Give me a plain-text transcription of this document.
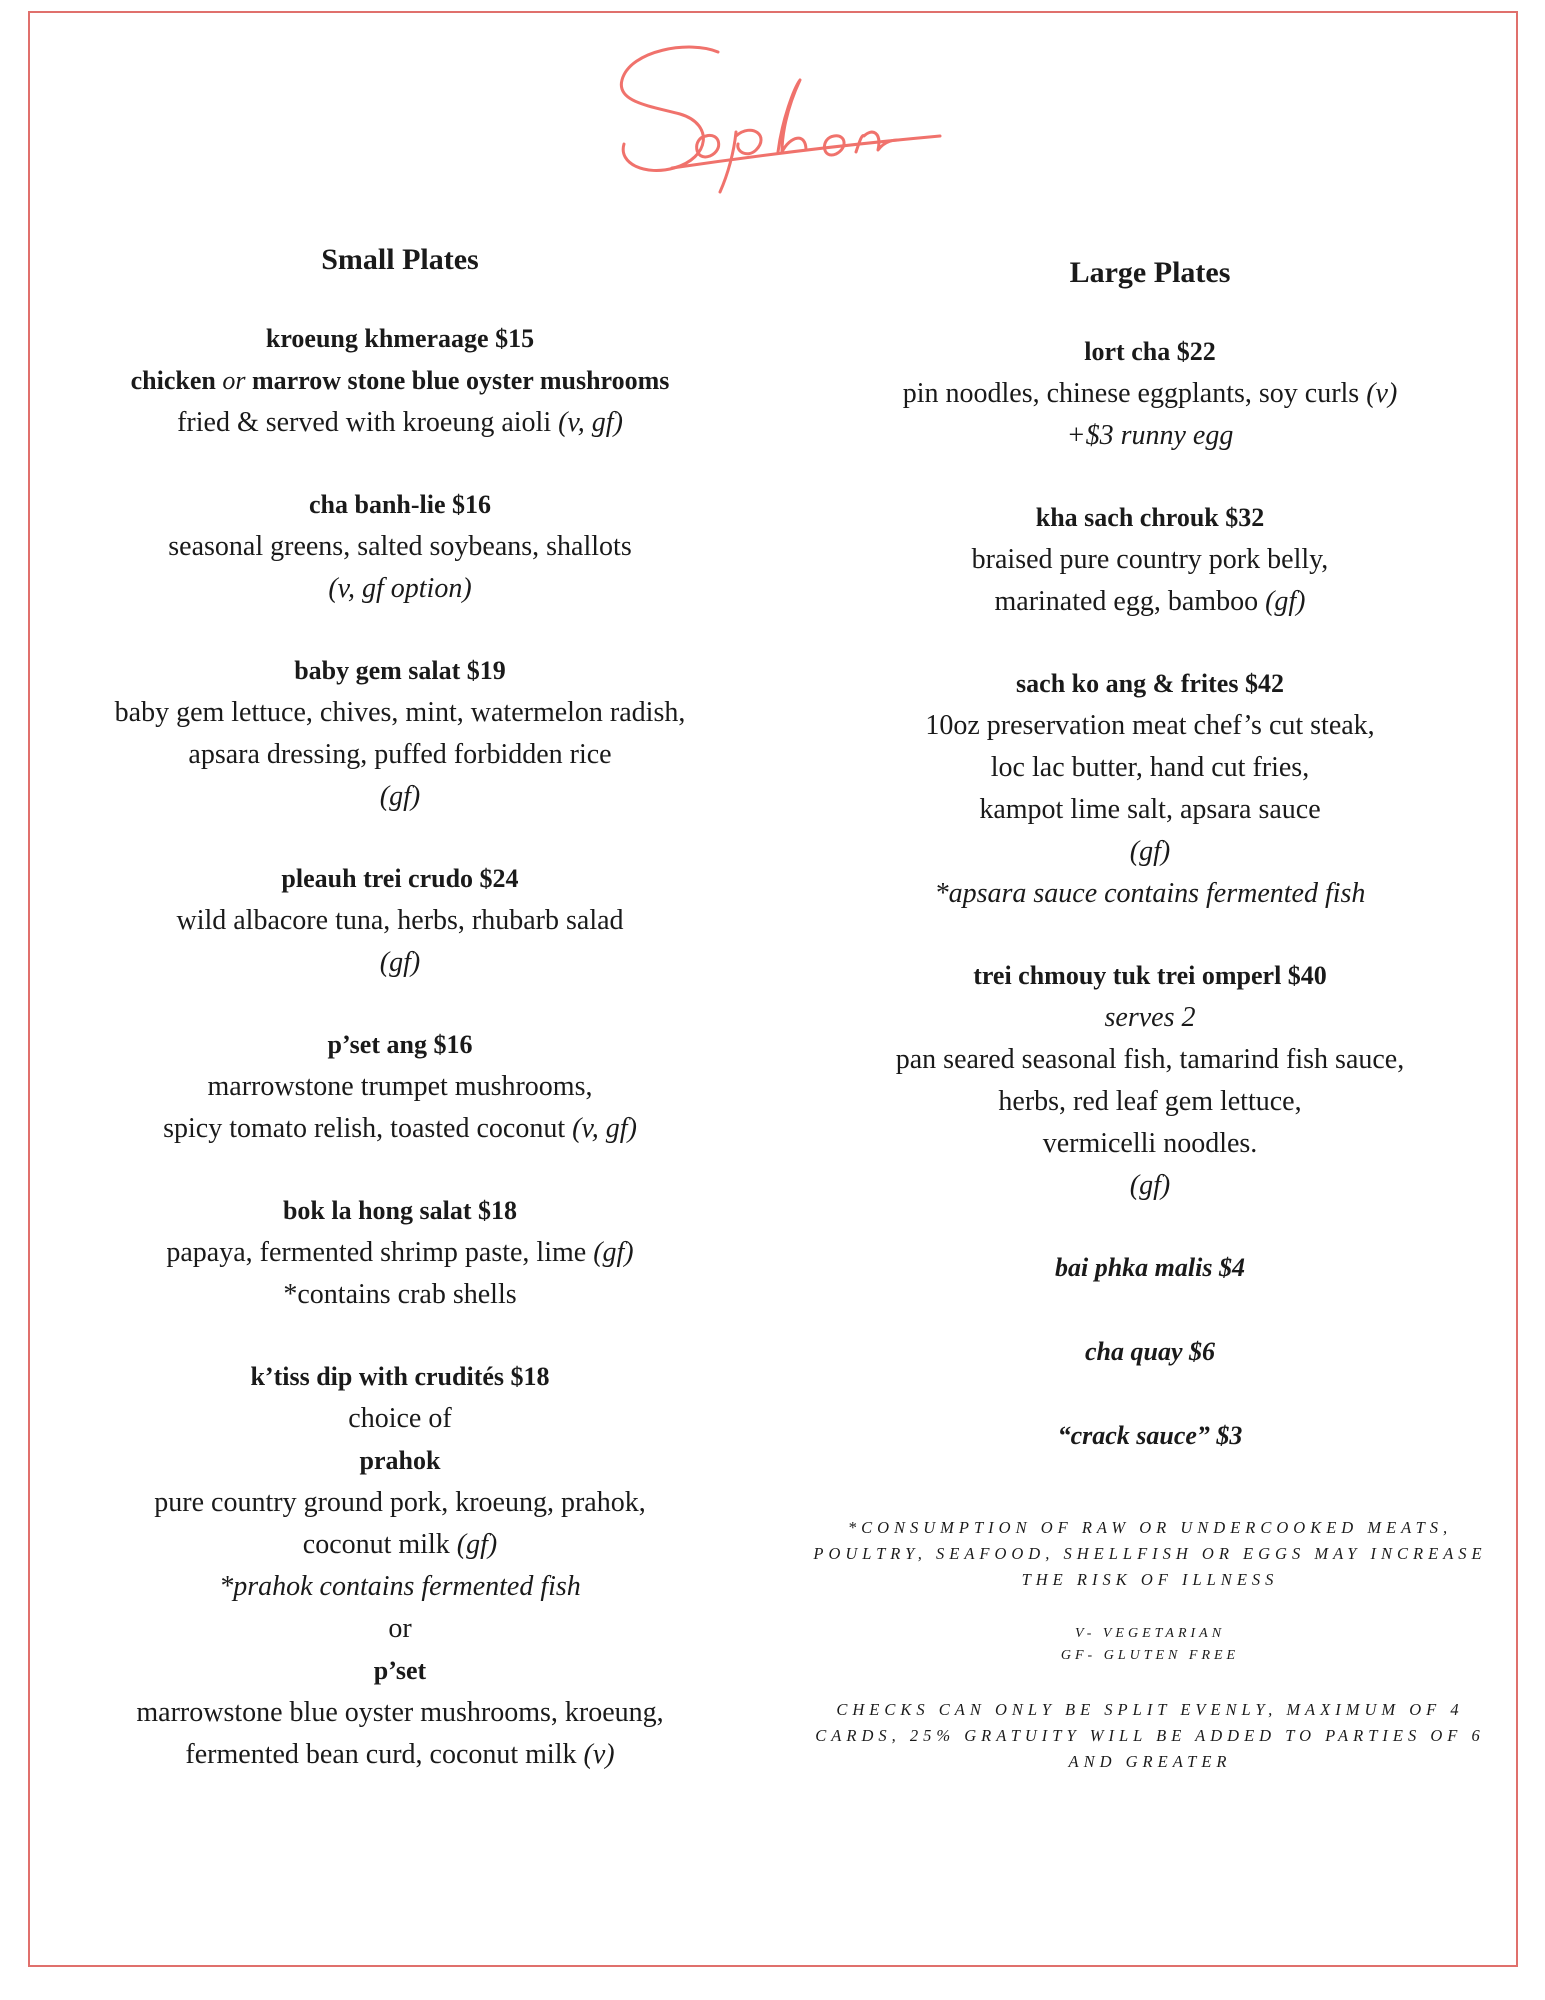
Small Plates
kroeung khmeraage $15
chicken or marrow stone blue oyster mushrooms
fried & served with kroeung aioli (v, gf)
cha banh-lie $16
seasonal greens, salted soybeans, shallots
(v, gf option)
baby gem salat $19
baby gem lettuce, chives, mint, watermelon radish,
apsara dressing, puffed forbidden rice
(gf)
pleauh trei crudo $24
wild albacore tuna, herbs, rhubarb salad
(gf)
p’set ang $16
marrowstone trumpet mushrooms,
spicy tomato relish, toasted coconut (v, gf)
bok la hong salat $18
papaya, fermented shrimp paste, lime (gf)
*contains crab shells
k’tiss dip with crudités $18
choice of
prahok
pure country ground pork, kroeung, prahok,
coconut milk (gf)
*prahok contains fermented fish
or
p’set
marrowstone blue oyster mushrooms, kroeung,
fermented bean curd, coconut milk (v)
Large Plates
lort cha $22
pin noodles, chinese eggplants, soy curls (v)
+$3 runny egg
kha sach chrouk $32
braised pure country pork belly,
marinated egg, bamboo (gf)
sach ko ang & frites $42
10oz preservation meat chef’s cut steak,
loc lac butter, hand cut fries,
kampot lime salt, apsara sauce
(gf)
*apsara sauce contains fermented fish
trei chmouy tuk trei omperl $40
serves 2
pan seared seasonal fish, tamarind fish sauce,
herbs, red leaf gem lettuce,
vermicelli noodles.
(gf)
bai phka malis $4
cha quay $6
“crack sauce” $3
*CONSUMPTION OF RAW OR UNDERCOOKED MEATS, POULTRY, SEAFOOD, SHELLFISH OR EGGS MAY INCREASE THE RISK OF ILLNESS
V- VEGETARIAN
GF- GLUTEN FREE
CHECKS CAN ONLY BE SPLIT EVENLY, MAXIMUM OF 4 CARDS, 25% GRATUITY WILL BE ADDED TO PARTIES OF 6 AND GREATER
